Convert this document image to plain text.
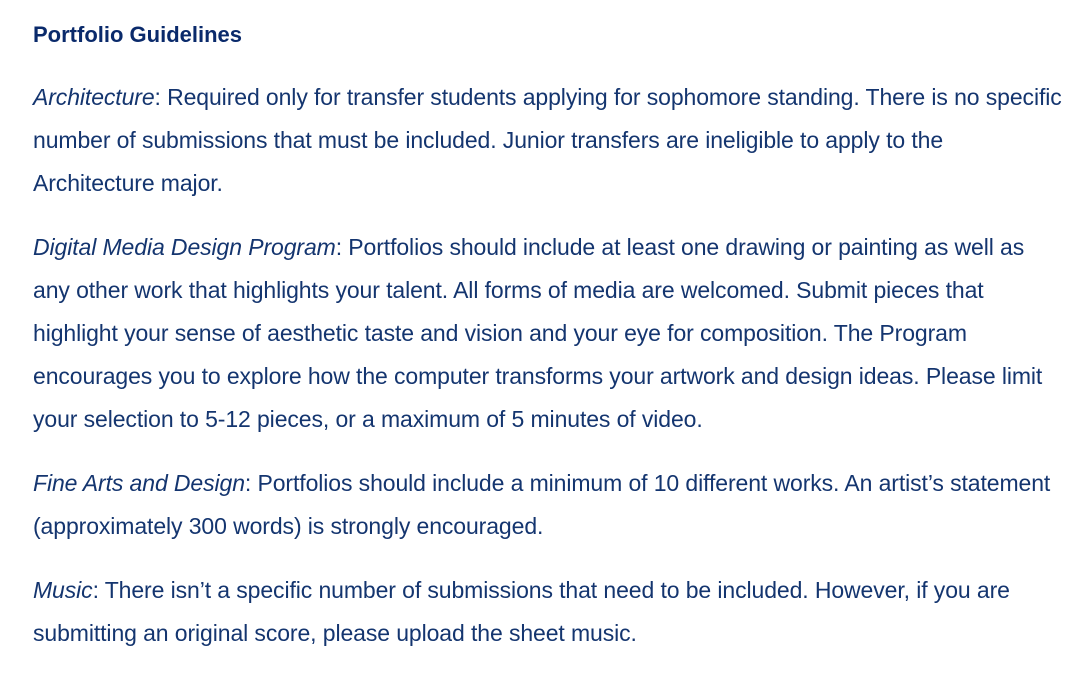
Portfolio Guidelines

Architecture: Required only for transfer students applying for sophomore standing. There is no specific number of submissions that must be included. Junior transfers are ineligible to apply to the Architecture major.

Digital Media Design Program: Portfolios should include at least one drawing or painting as well as any other work that highlights your talent. All forms of media are welcomed. Submit pieces that highlight your sense of aesthetic taste and vision and your eye for composition. The Program encourages you to explore how the computer transforms your artwork and design ideas. Please limit your selection to 5-12 pieces, or a maximum of 5 minutes of video.

Fine Arts and Design: Portfolios should include a minimum of 10 different works. An artist’s statement (approximately 300 words) is strongly encouraged.

Music: There isn’t a specific number of submissions that need to be included. However, if you are submitting an original score, please upload the sheet music.
